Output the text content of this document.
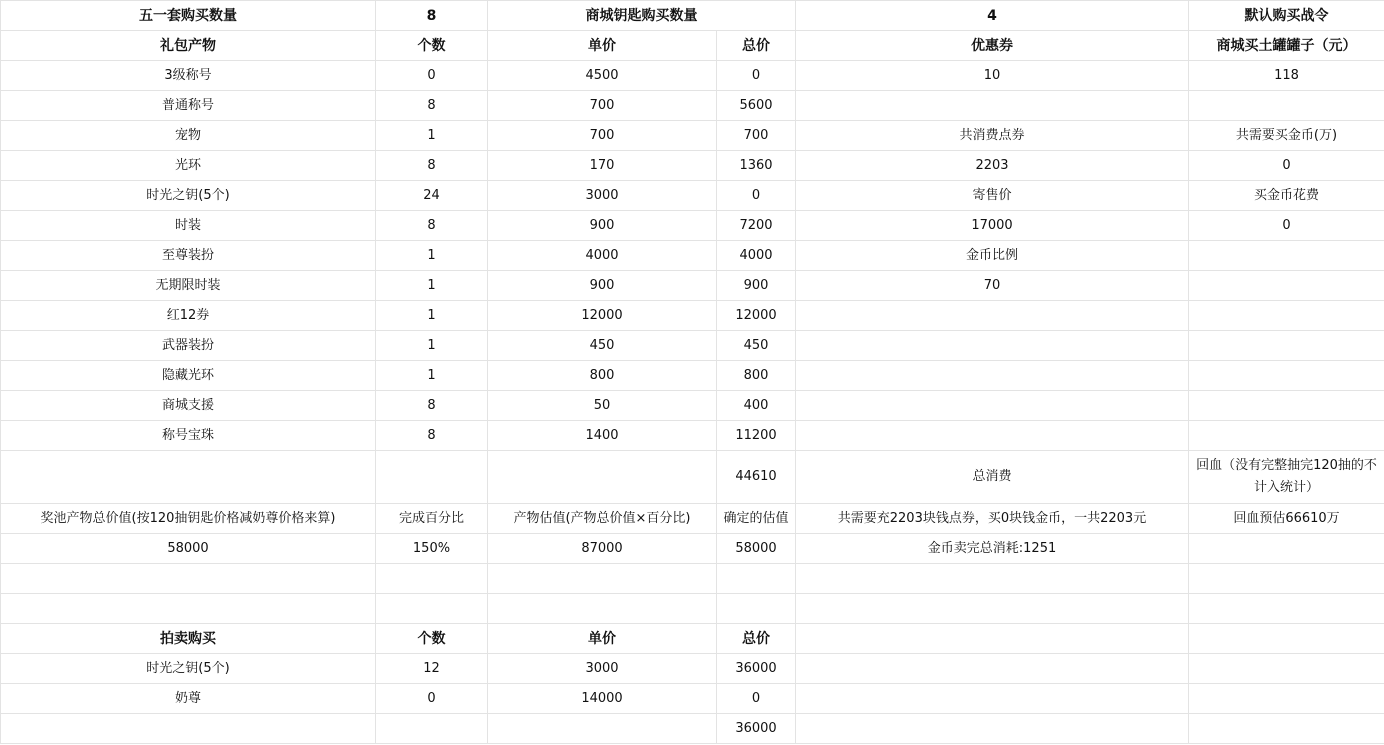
五一套购买数量	8	商城钥匙购买数量		4	默认购买战令
礼包产物	个数	单价	总价	优惠券	商城买土罐罐子（元）
3级称号	0	4500	0	10	118
普通称号	8	700	5600		
宠物	1	700	700	共消费点券	共需要买金币(万)
光环	8	170	1360	2203	0
时光之钥(5个)	24	3000	0	寄售价	买金币花费
时装	8	900	7200	17000	0
至尊装扮	1	4000	4000	金币比例	
无期限时装	1	900	900	70	
红12券	1	12000	12000		
武器装扮	1	450	450		
隐藏光环	1	800	800		
商城支援	8	50	400		
称号宝珠	8	1400	11200		
			44610	总消费	回血（没有完整抽完120抽的不计入统计）
奖池产物总价值(按120抽钥匙价格减奶尊价格来算)	完成百分比	产物估值(产物总价值×百分比)	确定的估值	共需要充2203块钱点券，买0块钱金币，一共2203元	回血预估66610万
58000	150%	87000	58000	金币卖完总消耗:1251	

拍卖购买	个数	单价	总价		
时光之钥(5个)	12	3000	36000		
奶尊	0	14000	0		
			36000		
